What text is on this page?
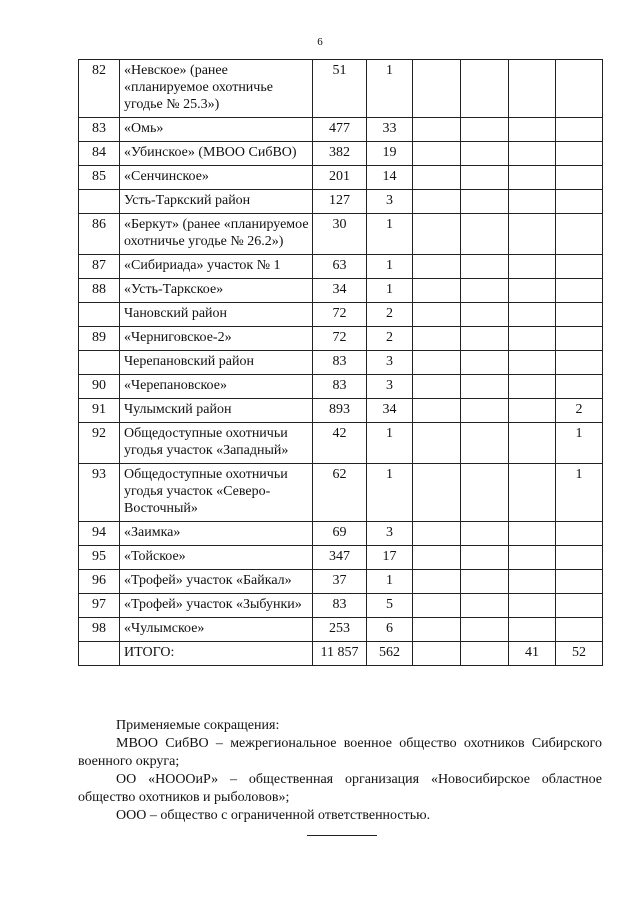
6
82	«Невское» (ранее «планируемое охотничье угодье № 25.3»)	51	1				
83	«Омь»	477	33				
84	«Убинское» (МВОО СибВО)	382	19				
85	«Сенчинское»	201	14				
	Усть-Таркский район	127	3				
86	«Беркут» (ранее «планируемое охотничье угодье № 26.2»)	30	1				
87	«Сибириада» участок № 1	63	1				
88	«Усть-Таркское»	34	1				
	Чановский район	72	2				
89	«Черниговское-2»	72	2				
	Черепановский район	83	3				
90	«Черепановское»	83	3				
91	Чулымский район	893	34				2
92	Общедоступные охотничьи угодья участок «Западный»	42	1				1
93	Общедоступные охотничьи угодья участок «Северо-Восточный»	62	1				1
94	«Заимка»	69	3				
95	«Тойское»	347	17				
96	«Трофей» участок «Байкал»	37	1				
97	«Трофей» участок «Зыбунки»	83	5				
98	«Чулымское»	253	6				
	ИТОГО:	11 857	562			41	52

Применяемые сокращения:

МВОО СибВО – межрегиональное военное общество охотников Сибирского военного округа;

ОО «НОООиР» – общественная организация «Новосибирское областное общество охотников и рыболовов»;

ООО – общество с ограниченной ответственностью.
